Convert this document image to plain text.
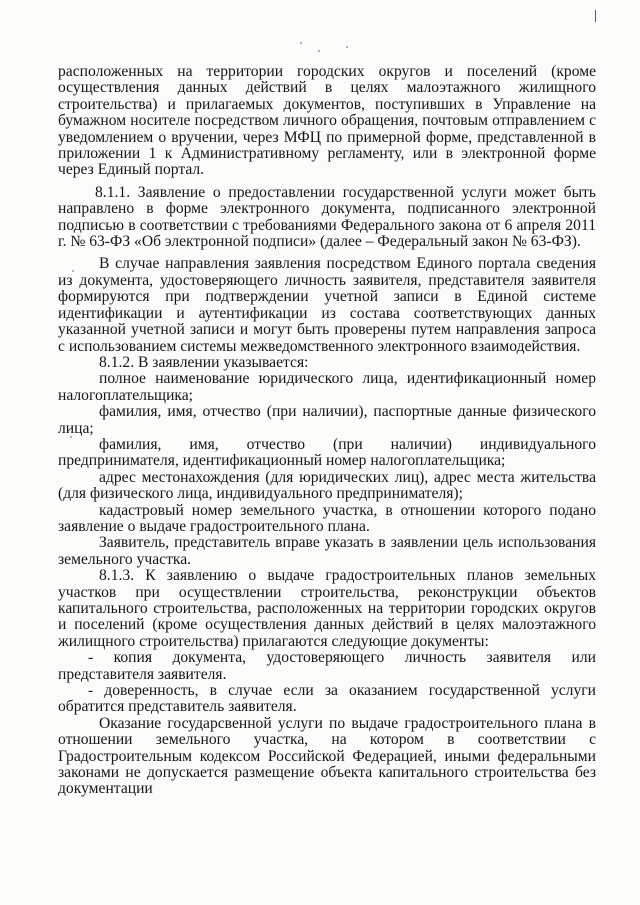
расположенных на территории городских округов и поселений (кроме осуществления данных действий в целях малоэтажного жилищного строительства) и прилагаемых документов, поступивших в Управление на бумажном носителе посредством личного обращения, почтовым отправлением с уведомлением о вручении, через МФЦ по примерной форме, представленной в приложении 1 к Административному регламенту, или в электронной форме через Единый портал.

8.1.1. Заявление о предоставлении государственной услуги может быть направлено в форме электронного документа, подписанного электронной подписью в соответствии с требованиями Федерального закона от 6 апреля 2011 г. № 63-ФЗ «Об электронной подписи» (далее – Федеральный закон № 63-ФЗ).

В случае направления заявления посредством Единого портала сведения из документа, удостоверяющего личность заявителя, представителя заявителя формируются при подтверждении учетной записи в Единой системе идентификации и аутентификации из состава соответствующих данных указанной учетной записи и могут быть проверены путем направления запроса с использованием системы межведомственного электронного взаимодействия.

8.1.2. В заявлении указывается:

полное наименование юридического лица, идентификационный номер налогоплательщика;

фамилия, имя, отчество (при наличии), паспортные данные физического лица;

фамилия, имя, отчество (при наличии) индивидуального предпринимателя, идентификационный номер налогоплательщика;

адрес местонахождения (для юридических лиц), адрес места жительства (для физического лица, индивидуального предпринимателя);

кадастровый номер земельного участка, в отношении которого подано заявление о выдаче градостроительного плана.

Заявитель, представитель вправе указать в заявлении цель использования земельного участка.

8.1.3. К заявлению о выдаче градостроительных планов земельных участков при осуществлении строительства, реконструкции объектов капитального строительства, расположенных на территории городских округов и поселений (кроме осуществления данных действий в целях малоэтажного жилищного строительства) прилагаются следующие документы:

- копия документа, удостоверяющего личность заявителя или представителя заявителя.

- доверенность, в случае если за оказанием государственной услуги обратится представитель заявителя.

Оказание государсвенной услуги по выдаче градостроительного плана в отношении земельного участка, на котором в соответствии с Градостроительным кодексом Российской Федерацией, иными федеральными законами не допускается размещение объекта капитального строительства без документации
